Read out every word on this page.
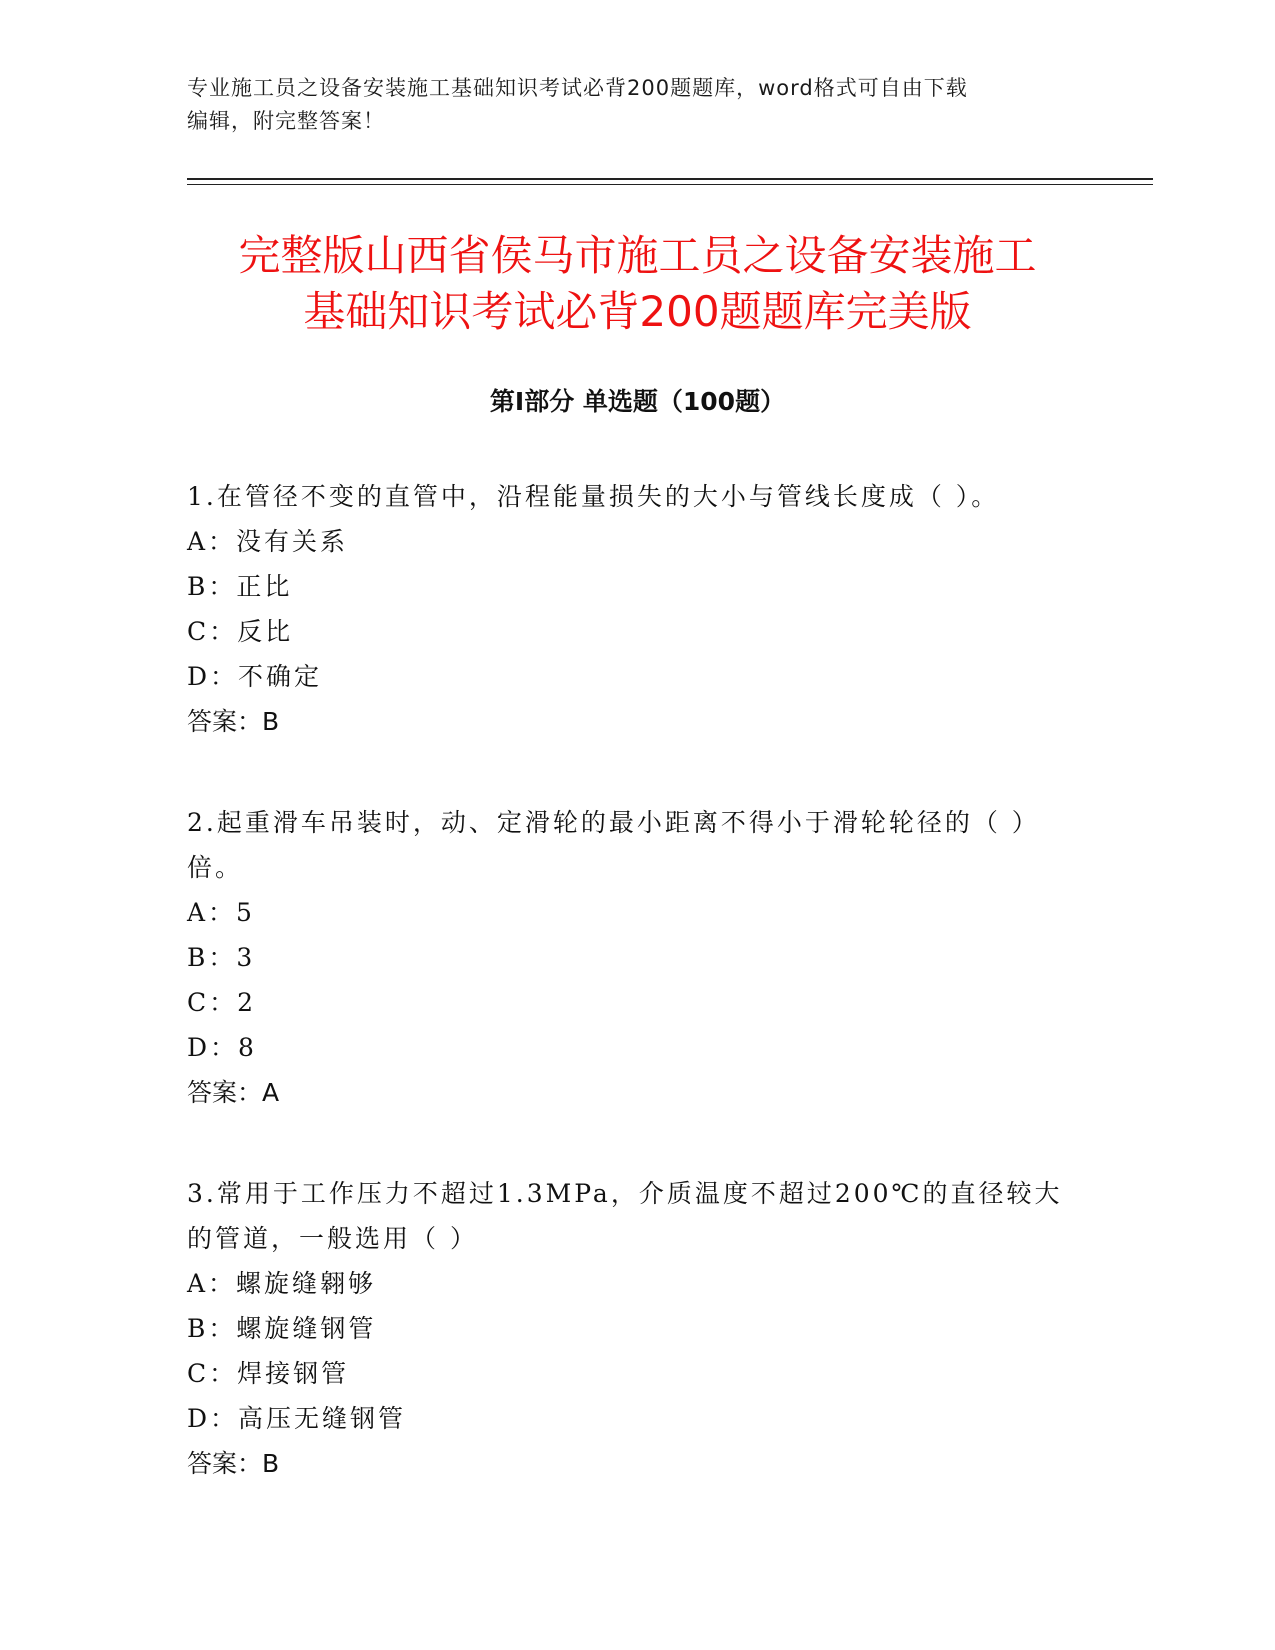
专业施工员之设备安装施工基础知识考试必背200题题库，word格式可自由下载
编辑，附完整答案！
完整版山西省侯马市施工员之设备安装施工
基础知识考试必背200题题库完美版
第Ⅰ部分 单选题（100题）

1.在管径不变的直管中，沿程能量损失的大小与管线长度成（ ）。

A：没有关系

B：正比

C：反比

D：不确定

答案：B

2.起重滑车吊装时，动、定滑轮的最小距离不得小于滑轮轮径的（ ）
倍。

A：5

B：3

C：2

D：8

答案：A

3.常用于工作压力不超过1.3MPa，介质温度不超过200℃的直径较大
的管道，一般选用（ ）

A：螺旋缝翱够

B：螺旋缝钢管

C：焊接钢管

D：高压无缝钢管

答案：B
